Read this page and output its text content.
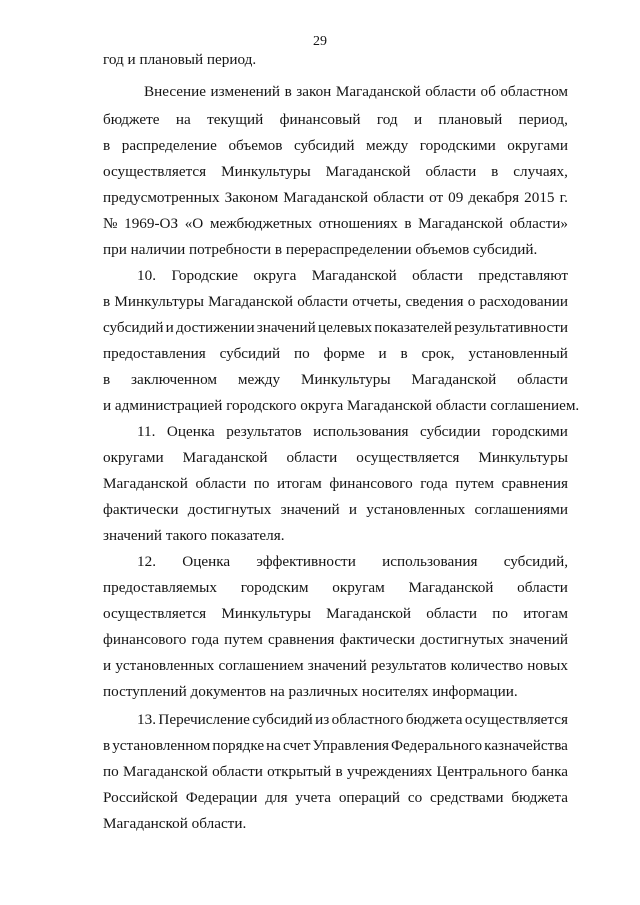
29
год и плановый период.
Внесение изменений в закон Магаданской области об областном
бюджете на текущий финансовый год и плановый период,
в распределение объемов субсидий между городскими округами
осуществляется Минкультуры Магаданской области в случаях,
предусмотренных Законом Магаданской области от 09 декабря 2015 г.
№ 1969-ОЗ «О межбюджетных отношениях в Магаданской области»
при наличии потребности в перераспределении объемов субсидий.
10. Городские округа Магаданской области представляют
в Минкультуры Магаданской области отчеты, сведения о расходовании
субсидий и достижении значений целевых показателей результативности
предоставления субсидий по форме и в срок, установленный
в заключенном между Минкультуры Магаданской области
и администрацией городского округа Магаданской области соглашением.
11. Оценка результатов использования субсидии городскими
округами Магаданской области осуществляется Минкультуры
Магаданской области по итогам финансового года путем сравнения
фактически достигнутых значений и установленных соглашениями
значений такого показателя.
12. Оценка эффективности использования субсидий,
предоставляемых городским округам Магаданской области
осуществляется Минкультуры Магаданской области по итогам
финансового года путем сравнения фактически достигнутых значений
и установленных соглашением значений результатов количество новых
поступлений документов на различных носителях информации.
13. Перечисление субсидий из областного бюджета осуществляется
в установленном порядке на счет Управления Федерального казначейства
по Магаданской области открытый в учреждениях Центрального банка
Российской Федерации для учета операций со средствами бюджета
Магаданской области.
